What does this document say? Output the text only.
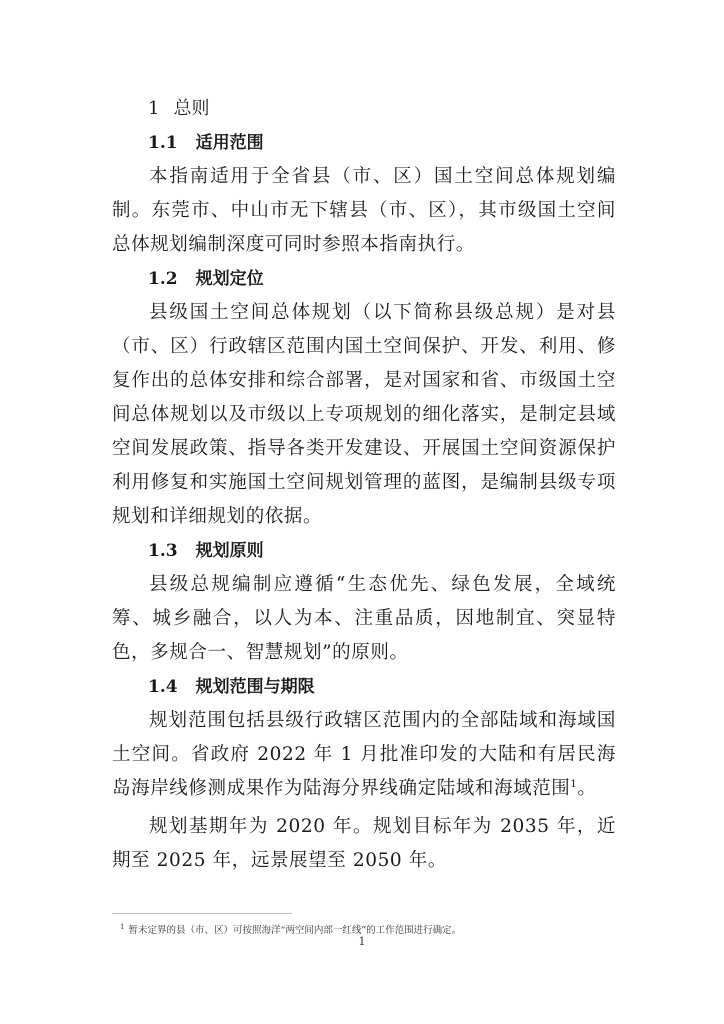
1 总则
1.1 适用范围

本指南适用于全省县（市、区）国土空间总体规划编制。东莞市、中山市无下辖县（市、区），其市级国土空间总体规划编制深度可同时参照本指南执行。

1.2 规划定位

县级国土空间总体规划（以下简称县级总规）是对县（市、区）行政辖区范围内国土空间保护、开发、利用、修复作出的总体安排和综合部署，是对国家和省、市级国土空间总体规划以及市级以上专项规划的细化落实，是制定县域空间发展政策、指导各类开发建设、开展国土空间资源保护利用修复和实施国土空间规划管理的蓝图，是编制县级专项规划和详细规划的依据。

1.3 规划原则

县级总规编制应遵循“生态优先、绿色发展，全域统筹、城乡融合，以人为本、注重品质，因地制宜、突显特色，多规合一、智慧规划”的原则。

1.4 规划范围与期限

规划范围包括县级行政辖区范围内的全部陆域和海域国土空间。省政府 2022 年 1 月批准印发的大陆和有居民海岛海岸线修测成果作为陆海分界线确定陆域和海域范围$^1$。

规划基期年为 2020 年。规划目标年为 2035 年，近期至 2025 年，远景展望至 2050 年。

$^1$ 暂未定界的县（市、区）可按照海洋“两空间内部一红线”的工作范围进行确定。
1
